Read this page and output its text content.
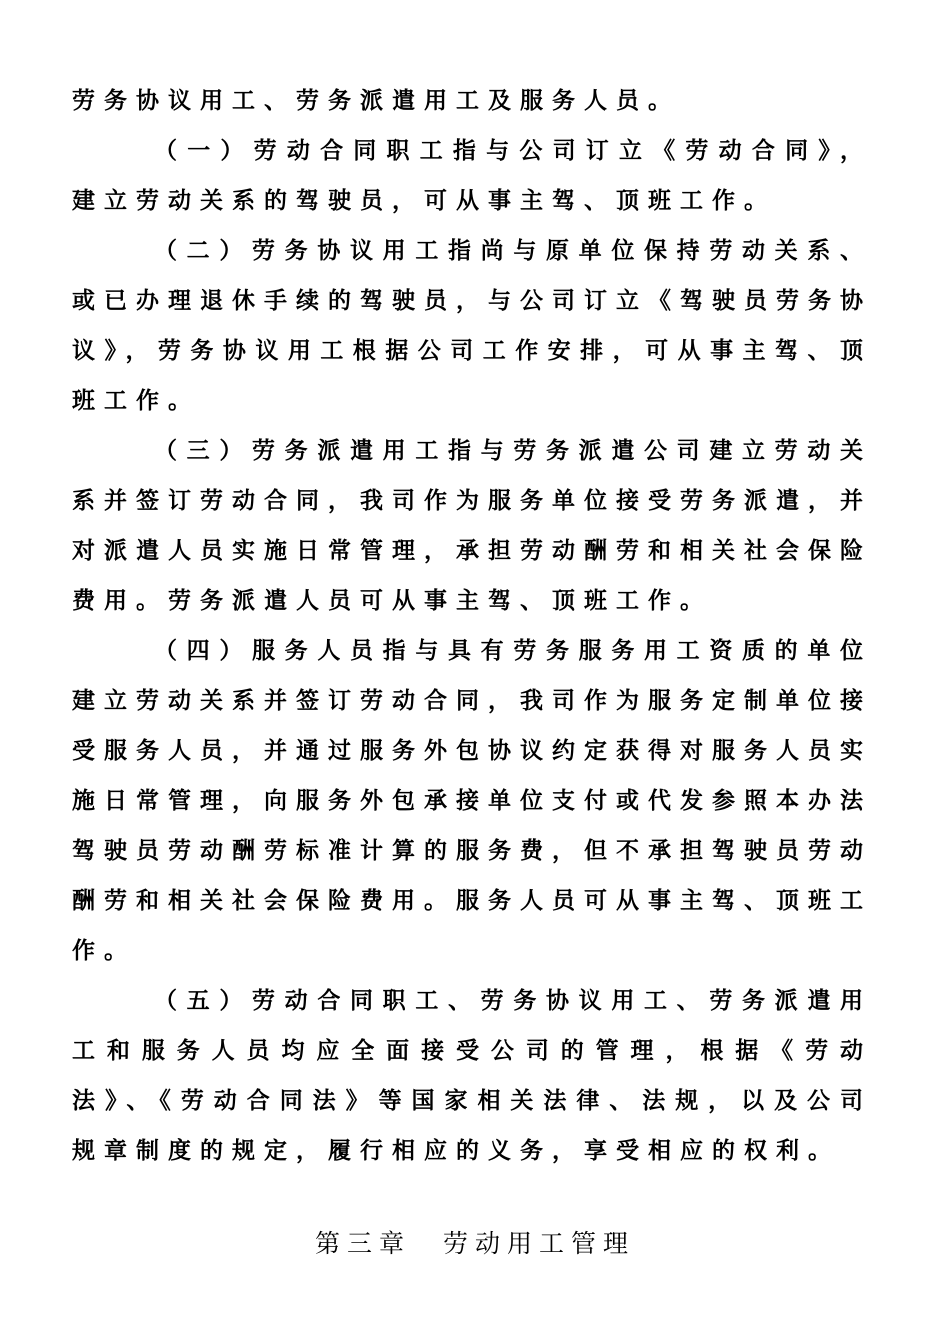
劳务协议用工、劳务派遣用工及服务人员。

（一）劳动合同职工指与公司订立《劳动合同》，建立劳动关系的驾驶员，可从事主驾、顶班工作。

（二）劳务协议用工指尚与原单位保持劳动关系、或已办理退休手续的驾驶员，与公司订立《驾驶员劳务协议》，劳务协议用工根据公司工作安排，可从事主驾、顶班工作。

（三）劳务派遣用工指与劳务派遣公司建立劳动关系并签订劳动合同，我司作为服务单位接受劳务派遣，并对派遣人员实施日常管理，承担劳动酬劳和相关社会保险费用。劳务派遣人员可从事主驾、顶班工作。

（四）服务人员指与具有劳务服务用工资质的单位建立劳动关系并签订劳动合同，我司作为服务定制单位接受服务人员，并通过服务外包协议约定获得对服务人员实施日常管理，向服务外包承接单位支付或代发参照本办法驾驶员劳动酬劳标准计算的服务费，但不承担驾驶员劳动酬劳和相关社会保险费用。服务人员可从事主驾、顶班工作。

（五）劳动合同职工、劳务协议用工、劳务派遣用工和服务人员均应全面接受公司的管理，根据《劳动法》、《劳动合同法》等国家相关法律、法规，以及公司规章制度的规定，履行相应的义务，享受相应的权利。

第三章　劳动用工管理
